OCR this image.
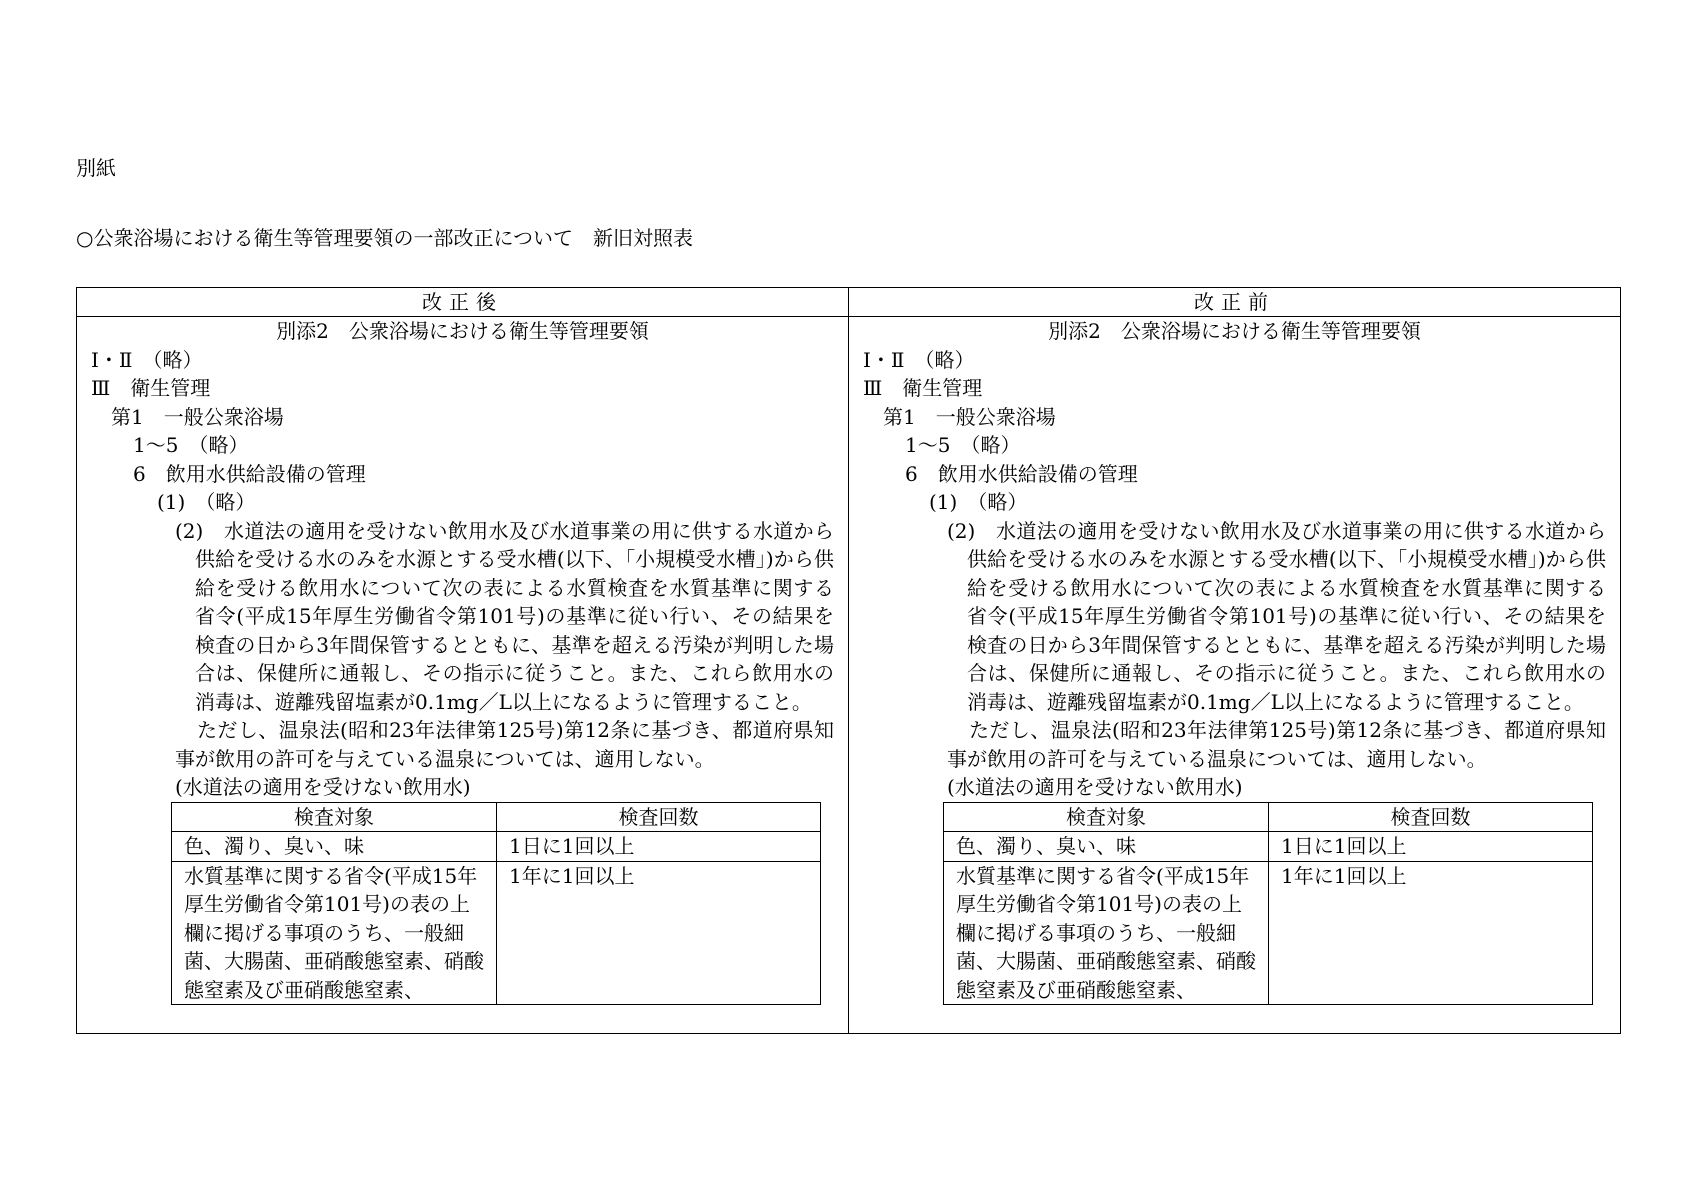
別紙
○公衆浴場における衛生等管理要領の一部改正について　新旧対照表
改正後
別添2　公衆浴場における衛生等管理要領
Ⅰ・Ⅱ　（略）
Ⅲ　衛生管理
第1　一般公衆浴場
1～5　（略）
6　飲用水供給設備の管理
(1)　（略）
(2)　水道法の適用を受けない飲用水及び水道事業の用に供する水道から供給を受ける水のみを水源とする受水槽(以下、「小規模受水槽」)から供給を受ける飲用水について次の表による水質検査を水質基準に関する省令(平成15年厚生労働省令第101号)の基準に従い行い、その結果を検査の日から3年間保管するとともに、基準を超える汚染が判明した場合は、保健所に通報し、その指示に従うこと。また、これら飲用水の消毒は、遊離残留塩素が0.1mg／L以上になるように管理すること。
ただし、温泉法(昭和23年法律第125号)第12条に基づき、都道府県知事が飲用の許可を与えている温泉については、適用しない。
(水道法の適用を受けない飲用水)
検査対象	検査回数
色、濁り、臭い、味	1日に1回以上
水質基準に関する省令(平成15年厚生労働省令第101号)の表の上欄に掲げる事項のうち、一般細菌、大腸菌、亜硝酸態窒素、硝酸態窒素及び亜硝酸態窒素、	1年に1回以上
改正前
別添2　公衆浴場における衛生等管理要領
Ⅰ・Ⅱ　（略）
Ⅲ　衛生管理
第1　一般公衆浴場
1～5　（略）
6　飲用水供給設備の管理
(1)　（略）
(2)　水道法の適用を受けない飲用水及び水道事業の用に供する水道から供給を受ける水のみを水源とする受水槽(以下、「小規模受水槽」)から供給を受ける飲用水について次の表による水質検査を水質基準に関する省令(平成15年厚生労働省令第101号)の基準に従い行い、その結果を検査の日から3年間保管するとともに、基準を超える汚染が判明した場合は、保健所に通報し、その指示に従うこと。また、これら飲用水の消毒は、遊離残留塩素が0.1mg／L以上になるように管理すること。
ただし、温泉法(昭和23年法律第125号)第12条に基づき、都道府県知事が飲用の許可を与えている温泉については、適用しない。
(水道法の適用を受けない飲用水)
検査対象	検査回数
色、濁り、臭い、味	1日に1回以上
水質基準に関する省令(平成15年厚生労働省令第101号)の表の上欄に掲げる事項のうち、一般細菌、大腸菌、亜硝酸態窒素、硝酸態窒素及び亜硝酸態窒素、	1年に1回以上
